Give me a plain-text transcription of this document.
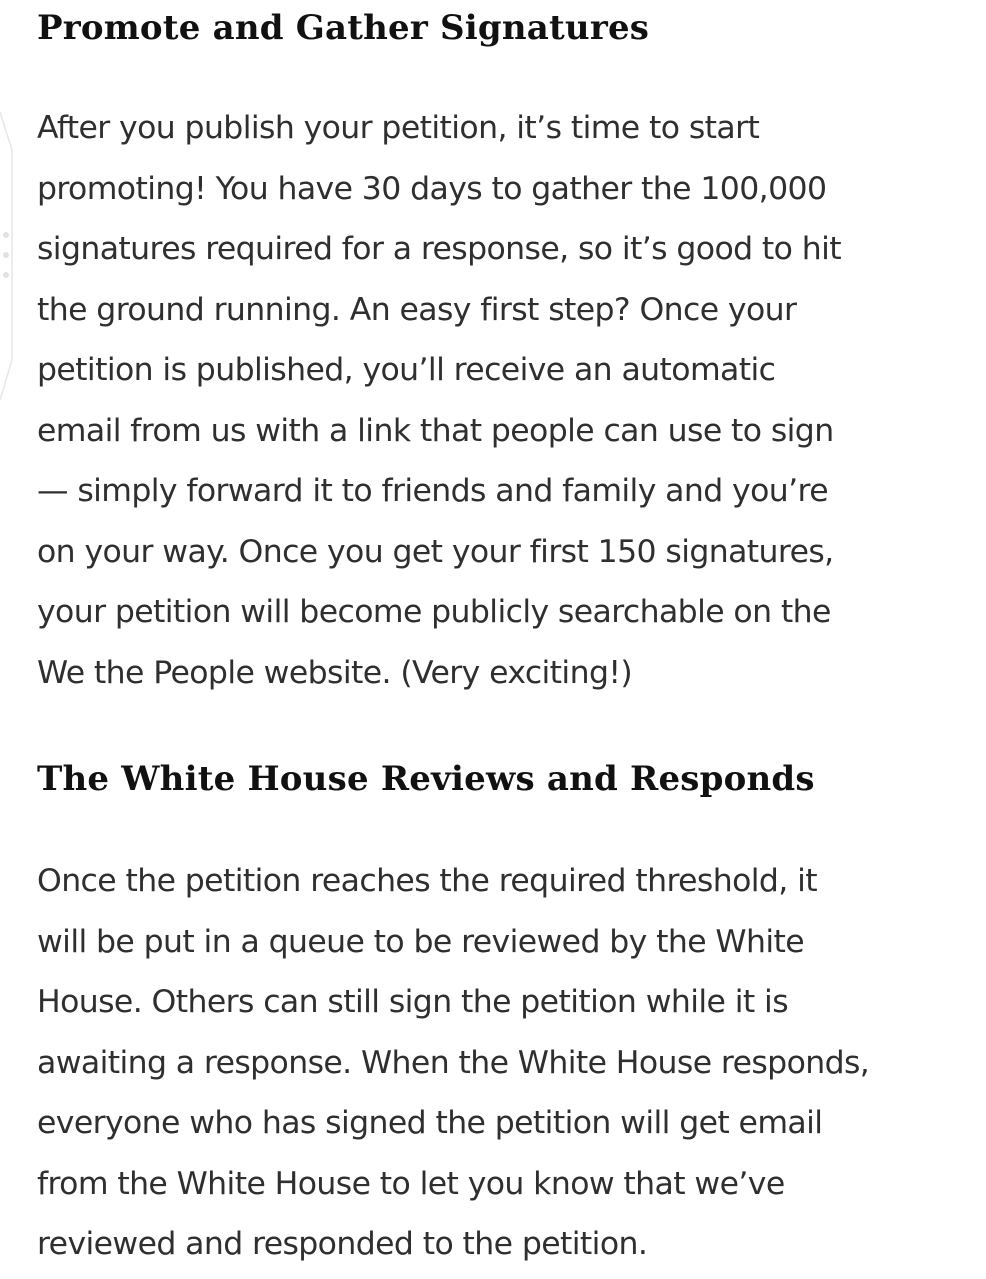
Promote and Gather Signatures
After you publish your petition, it’s time to start
promoting! You have 30 days to gather the 100,000
signatures required for a response, so it’s good to hit
the ground running. An easy first step? Once your
petition is published, you’ll receive an automatic
email from us with a link that people can use to sign
— simply forward it to friends and family and you’re
on your way. Once you get your first 150 signatures,
your petition will become publicly searchable on the
We the People website. (Very exciting!)
The White House Reviews and Responds
Once the petition reaches the required threshold, it
will be put in a queue to be reviewed by the White
House. Others can still sign the petition while it is
awaiting a response. When the White House responds,
everyone who has signed the petition will get email
from the White House to let you know that we’ve
reviewed and responded to the petition.
